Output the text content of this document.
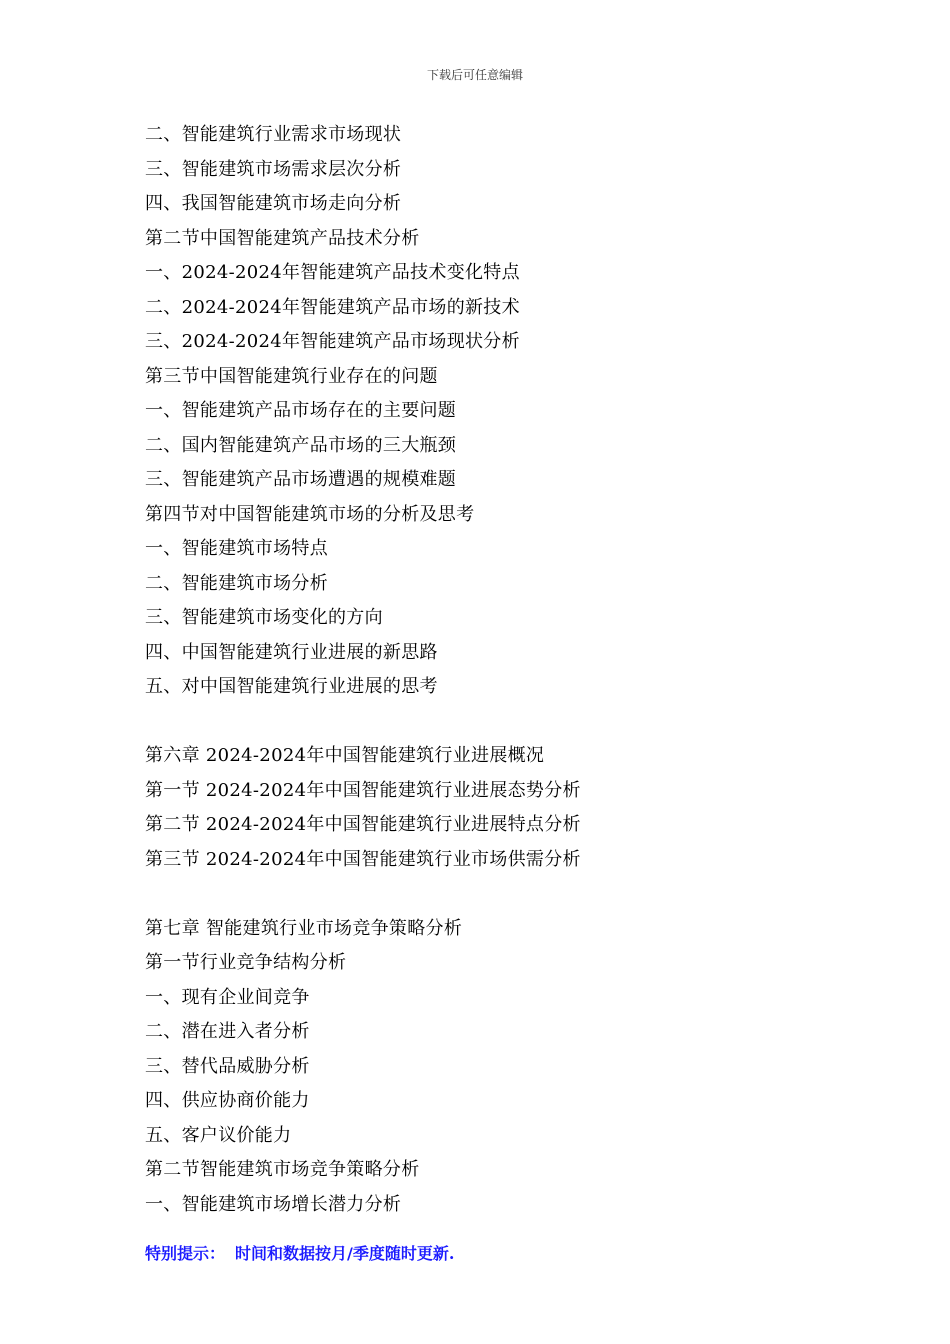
下载后可任意编辑
二、智能建筑行业需求市场现状
三、智能建筑市场需求层次分析
四、我国智能建筑市场走向分析
第二节中国智能建筑产品技术分析
一、2024-2024年智能建筑产品技术变化特点
二、2024-2024年智能建筑产品市场的新技术
三、2024-2024年智能建筑产品市场现状分析
第三节中国智能建筑行业存在的问题
一、智能建筑产品市场存在的主要问题
二、国内智能建筑产品市场的三大瓶颈
三、智能建筑产品市场遭遇的规模难题
第四节对中国智能建筑市场的分析及思考
一、智能建筑市场特点
二、智能建筑市场分析
三、智能建筑市场变化的方向
四、中国智能建筑行业进展的新思路
五、对中国智能建筑行业进展的思考
第六章 2024-2024年中国智能建筑行业进展概况
第一节 2024-2024年中国智能建筑行业进展态势分析
第二节 2024-2024年中国智能建筑行业进展特点分析
第三节 2024-2024年中国智能建筑行业市场供需分析
第七章 智能建筑行业市场竞争策略分析
第一节行业竞争结构分析
一、现有企业间竞争
二、潜在进入者分析
三、替代品威胁分析
四、供应协商价能力
五、客户议价能力
第二节智能建筑市场竞争策略分析
一、智能建筑市场增长潜力分析
特别提示： 时间和数据按月/季度随时更新.
